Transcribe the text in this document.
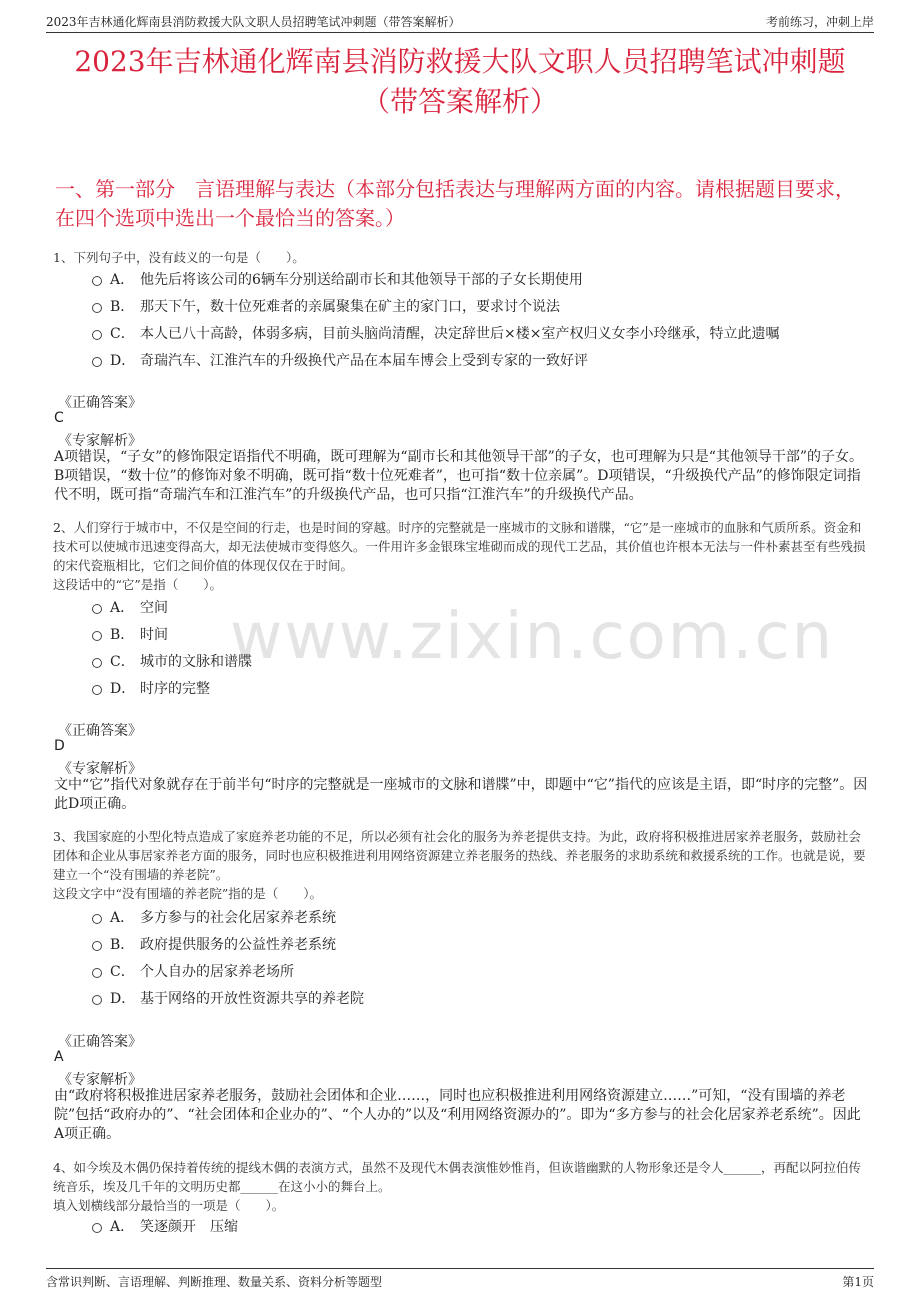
2023年吉林通化辉南县消防救援大队文职人员招聘笔试冲刺题（带答案解析）	考前练习，冲刺上岸
2023年吉林通化辉南县消防救援大队文职人员招聘笔试冲刺题
（带答案解析）
一、第一部分　言语理解与表达（本部分包括表达与理解两方面的内容。请根据题目要求，在四个选项中选出一个最恰当的答案。）
www.zixin.com.cn
1、下列句子中，没有歧义的一句是（　　）。
A． 他先后将该公司的6辆车分别送给副市长和其他领导干部的子女长期使用
B． 那天下午，数十位死难者的亲属聚集在矿主的家门口，要求讨个说法
C． 本人已八十高龄，体弱多病，目前头脑尚清醒，决定辞世后×楼×室产权归义女李小玲继承，特立此遗嘱
D． 奇瑞汽车、江淮汽车的升级换代产品在本届车博会上受到专家的一致好评
《正确答案》
C
《专家解析》
A项错误，“子女”的修饰限定语指代不明确，既可理解为“副市长和其他领导干部”的子女，也可理解为只是“其他领导干部”的子女。B项错误，“数十位”的修饰对象不明确，既可指“数十位死难者”，也可指“数十位亲属”。D项错误，“升级换代产品”的修饰限定词指代不明，既可指“奇瑞汽车和江淮汽车”的升级换代产品，也可只指“江淮汽车”的升级换代产品。
2、人们穿行于城市中，不仅是空间的行走，也是时间的穿越。时序的完整就是一座城市的文脉和谱牒，“它”是一座城市的血脉和气质所系。资金和技术可以使城市迅速变得高大，却无法使城市变得悠久。一件用许多金银珠宝堆砌而成的现代工艺品，其价值也许根本无法与一件朴素甚至有些残损的宋代瓷瓶相比，它们之间价值的体现仅仅在于时间。
这段话中的“它”是指（　　）。
A． 空间
B． 时间
C． 城市的文脉和谱牒
D． 时序的完整
《正确答案》
D
《专家解析》
文中“它”指代对象就存在于前半句“时序的完整就是一座城市的文脉和谱牒”中，即题中“它”指代的应该是主语，即“时序的完整”。因此D项正确。
3、我国家庭的小型化特点造成了家庭养老功能的不足，所以必须有社会化的服务为养老提供支持。为此，政府将积极推进居家养老服务，鼓励社会团体和企业从事居家养老方面的服务，同时也应积极推进利用网络资源建立养老服务的热线、养老服务的求助系统和救援系统的工作。也就是说，要建立一个“没有围墙的养老院”。
这段文字中“没有围墙的养老院”指的是（　　）。
A． 多方参与的社会化居家养老系统
B． 政府提供服务的公益性养老系统
C． 个人自办的居家养老场所
D． 基于网络的开放性资源共享的养老院
《正确答案》
A
《专家解析》
由“政府将积极推进居家养老服务，鼓励社会团体和企业……，同时也应积极推进利用网络资源建立……”可知，“没有围墙的养老院”包括“政府办的”、“社会团体和企业办的”、“个人办的”以及“利用网络资源办的”。即为“多方参与的社会化居家养老系统”。因此A项正确。
4、如今埃及木偶仍保持着传统的提线木偶的表演方式，虽然不及现代木偶表演惟妙惟肖，但诙谐幽默的人物形象还是令人______，再配以阿拉伯传统音乐，埃及几千年的文明历史都______在这小小的舞台上。
填入划横线部分最恰当的一项是（　　）。
A． 笑逐颜开　压缩
含常识判断、言语理解、判断推理、数量关系、资料分析等题型	第1页
